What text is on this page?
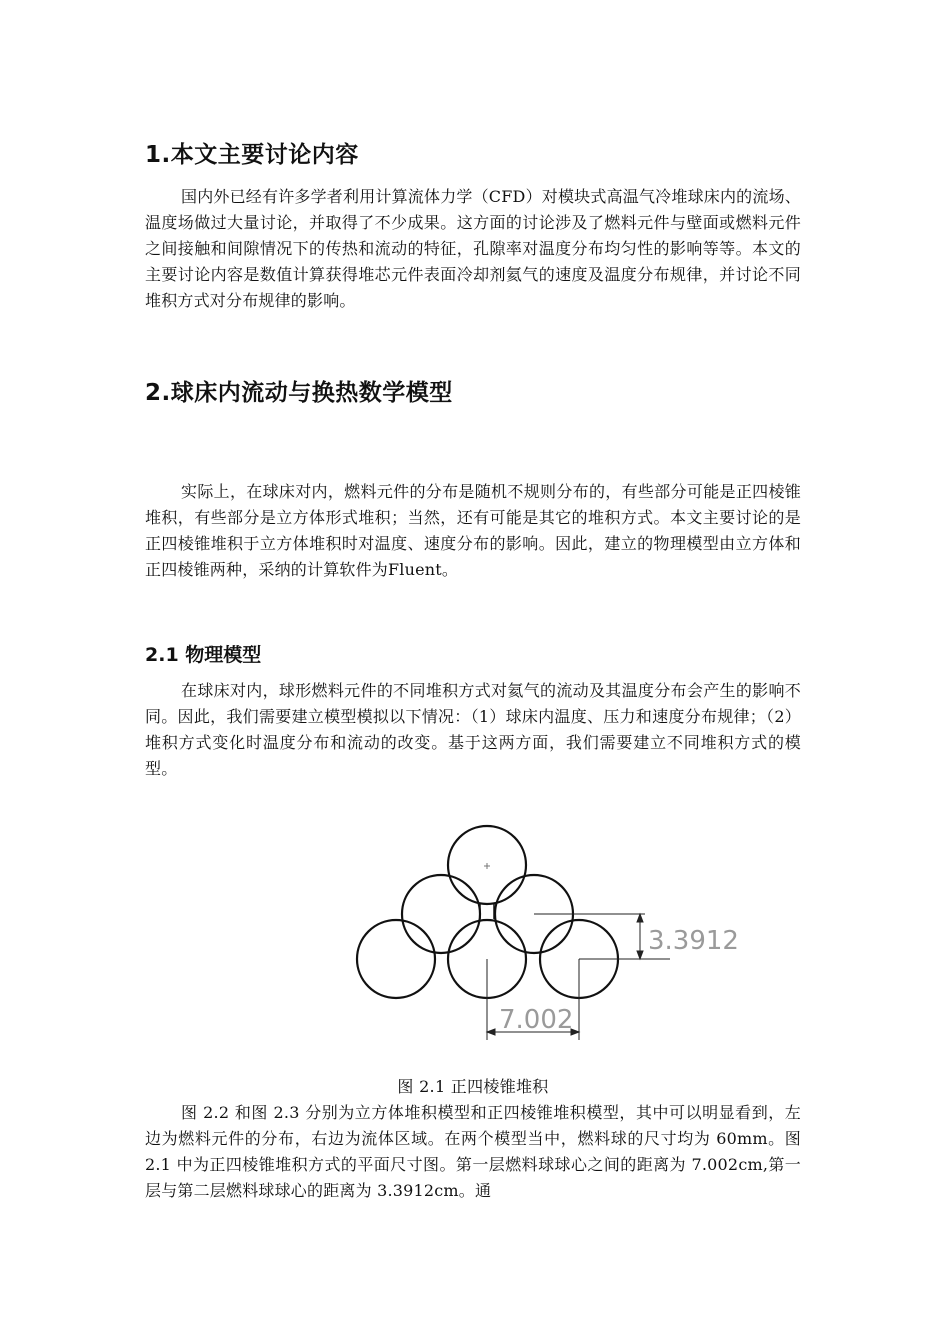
1.本文主要讨论内容

国内外已经有许多学者利用计算流体力学（CFD）对模块式高温气冷堆球床内的流场、温度场做过大量讨论，并取得了不少成果。这方面的讨论涉及了燃料元件与壁面或燃料元件之间接触和间隙情况下的传热和流动的特征，孔隙率对温度分布均匀性的影响等等。本文的主要讨论内容是数值计算获得堆芯元件表面冷却剂氦气的速度及温度分布规律，并讨论不同堆积方式对分布规律的影响。

2.球床内流动与换热数学模型

实际上，在球床对内，燃料元件的分布是随机不规则分布的，有些部分可能是正四棱锥堆积，有些部分是立方体形式堆积；当然，还有可能是其它的堆积方式。本文主要讨论的是正四棱锥堆积于立方体堆积时对温度、速度分布的影响。因此，建立的物理模型由立方体和正四棱锥两种，采纳的计算软件为Fluent。

2.1 物理模型

在球床对内，球形燃料元件的不同堆积方式对氦气的流动及其温度分布会产生的影响不同。因此，我们需要建立模型模拟以下情况：（1）球床内温度、压力和速度分布规律；（2）堆积方式变化时温度分布和流动的改变。基于这两方面，我们需要建立不同堆积方式的模型。

3.3912
7.002

图 2.1 正四棱锥堆积

图 2.2 和图 2.3 分别为立方体堆积模型和正四棱锥堆积模型，其中可以明显看到，左边为燃料元件的分布，右边为流体区域。在两个模型当中，燃料球的尺寸均为 60mm。图 2.1 中为正四棱锥堆积方式的平面尺寸图。第一层燃料球球心之间的距离为 7.002cm,第一层与第二层燃料球球心的距离为 3.3912cm。通
